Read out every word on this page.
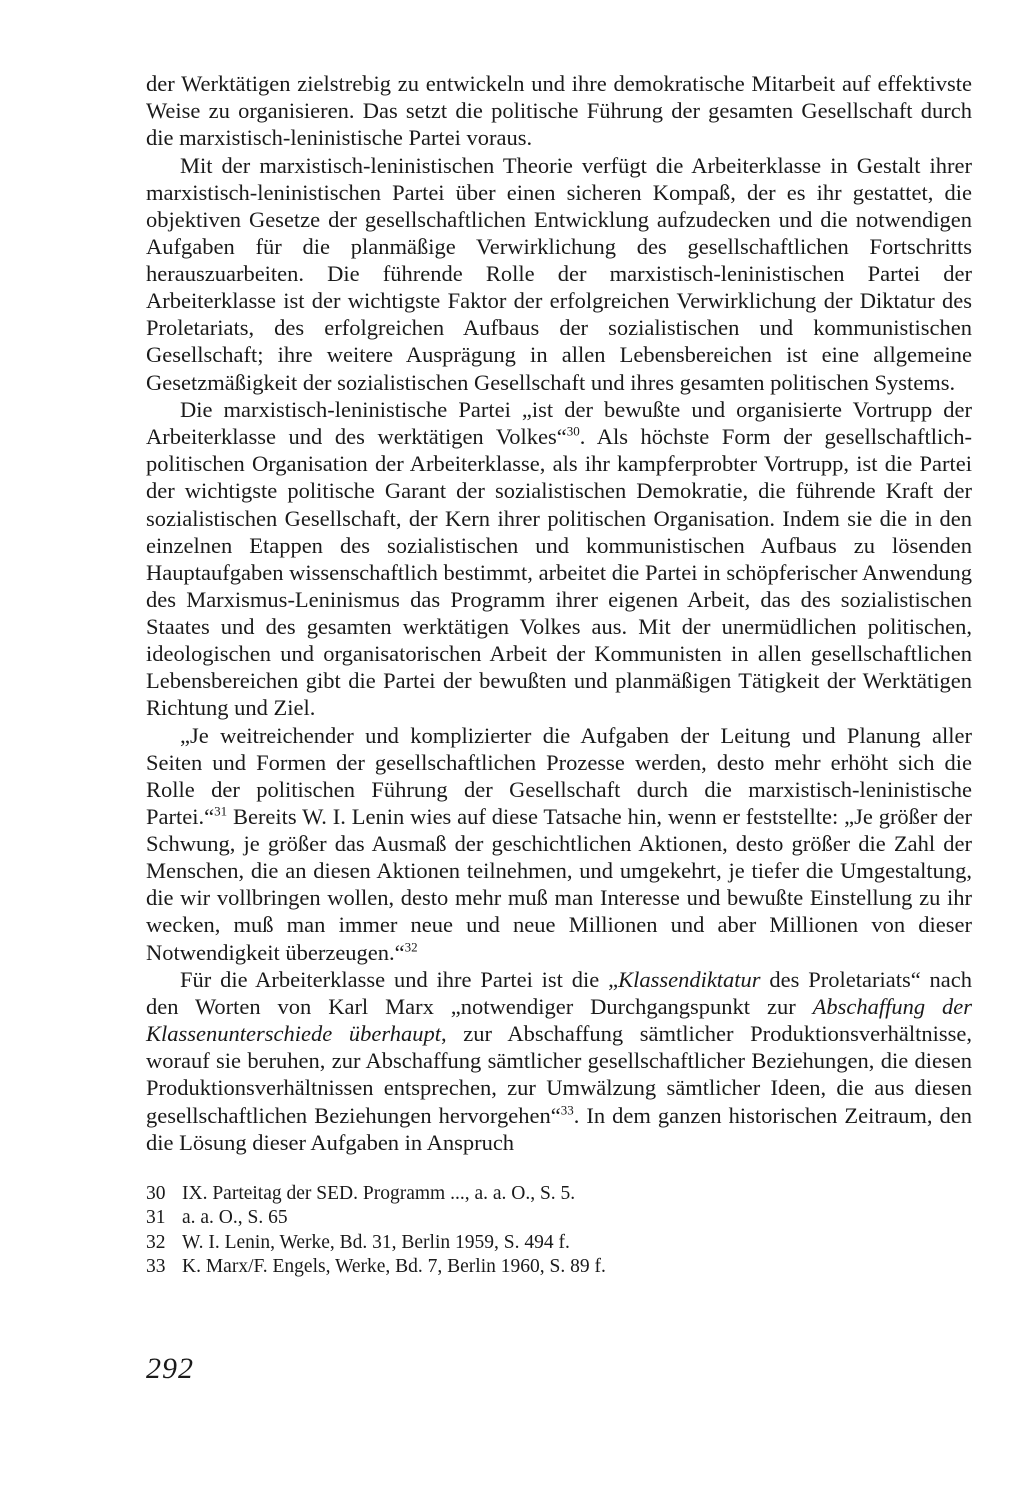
der Werktätigen zielstrebig zu entwickeln und ihre demokratische Mitarbeit auf effektivste Weise zu organisieren. Das setzt die politische Führung der gesamten Gesellschaft durch die marxistisch-leninistische Partei voraus.

Mit der marxistisch-leninistischen Theorie verfügt die Arbeiterklasse in Gestalt ihrer marxistisch-leninistischen Partei über einen sicheren Kompaß, der es ihr gestattet, die objektiven Gesetze der gesellschaftlichen Entwicklung aufzudecken und die notwendigen Aufgaben für die planmäßige Verwirklichung des gesellschaftlichen Fortschritts herauszuarbeiten. Die führende Rolle der marxistisch-leninistischen Partei der Arbeiterklasse ist der wichtigste Faktor der erfolgreichen Verwirklichung der Diktatur des Proletariats, des erfolgreichen Aufbaus der sozialistischen und kommunistischen Gesellschaft; ihre weitere Ausprägung in allen Lebensbereichen ist eine allgemeine Gesetzmäßigkeit der sozialistischen Gesellschaft und ihres gesamten politischen Systems.

Die marxistisch-leninistische Partei „ist der bewußte und organisierte Vortrupp der Arbeiterklasse und des werktätigen Volkes“$^{30}$. Als höchste Form der gesellschaftlich-politischen Organisation der Arbeiterklasse, als ihr kampferprobter Vortrupp, ist die Partei der wichtigste politische Garant der sozialistischen Demokratie, die führende Kraft der sozialistischen Gesellschaft, der Kern ihrer politischen Organisation. Indem sie die in den einzelnen Etappen des sozialistischen und kommunistischen Aufbaus zu lösenden Hauptaufgaben wissenschaftlich bestimmt, arbeitet die Partei in schöpferischer Anwendung des Marxismus-Leninismus das Programm ihrer eigenen Arbeit, das des sozialistischen Staates und des gesamten werktätigen Volkes aus. Mit der unermüdlichen politischen, ideologischen und organisatorischen Arbeit der Kommunisten in allen gesellschaftlichen Lebensbereichen gibt die Partei der bewußten und planmäßigen Tätigkeit der Werktätigen Richtung und Ziel.

„Je weitreichender und komplizierter die Aufgaben der Leitung und Planung aller Seiten und Formen der gesellschaftlichen Prozesse werden, desto mehr erhöht sich die Rolle der politischen Führung der Gesellschaft durch die marxistisch-leninistische Partei.“$^{31}$ Bereits W. I. Lenin wies auf diese Tatsache hin, wenn er feststellte: „Je größer der Schwung, je größer das Ausmaß der geschichtlichen Aktionen, desto größer die Zahl der Menschen, die an diesen Aktionen teilnehmen, und umgekehrt, je tiefer die Umgestaltung, die wir vollbringen wollen, desto mehr muß man Interesse und bewußte Einstellung zu ihr wecken, muß man immer neue und neue Millionen und aber Millionen von dieser Notwendigkeit überzeugen.“$^{32}$

Für die Arbeiterklasse und ihre Partei ist die „Klassendiktatur des Proletariats“ nach den Worten von Karl Marx „notwendiger Durchgangspunkt zur Abschaffung der Klassenunterschiede überhaupt, zur Abschaffung sämtlicher Produktionsverhältnisse, worauf sie beruhen, zur Abschaffung sämtlicher gesellschaftlicher Beziehungen, die diesen Produktionsverhältnissen entsprechen, zur Umwälzung sämtlicher Ideen, die aus diesen gesellschaftlichen Beziehungen hervorgehen“$^{33}$. In dem ganzen historischen Zeitraum, den die Lösung dieser Aufgaben in Anspruch

30 IX. Parteitag der SED. Programm ..., a. a. O., S. 5.
31 a. a. O., S. 65
32 W. I. Lenin, Werke, Bd. 31, Berlin 1959, S. 494 f.
33 K. Marx/F. Engels, Werke, Bd. 7, Berlin 1960, S. 89 f.
292
